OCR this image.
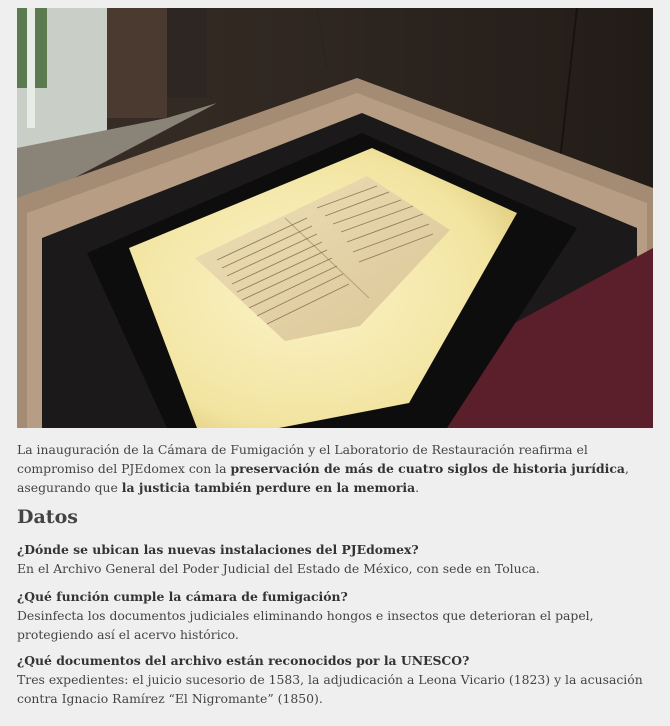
La inauguración de la Cámara de Fumigación y el Laboratorio de Restauración reafirma el compromiso del PJEdomex con la preservación de más de cuatro siglos de historia jurídica, asegurando que la justicia también perdure en la memoria.
Datos
¿Dónde se ubican las nuevas instalaciones del PJEdomex?
En el Archivo General del Poder Judicial del Estado de México, con sede en Toluca.
¿Qué función cumple la cámara de fumigación?
Desinfecta los documentos judiciales eliminando hongos e insectos que deterioran el papel, protegiendo así el acervo histórico.
¿Qué documentos del archivo están reconocidos por la UNESCO?
Tres expedientes: el juicio sucesorio de 1583, la adjudicación a Leona Vicario (1823) y la acusación contra Ignacio Ramírez “El Nigromante” (1850).
